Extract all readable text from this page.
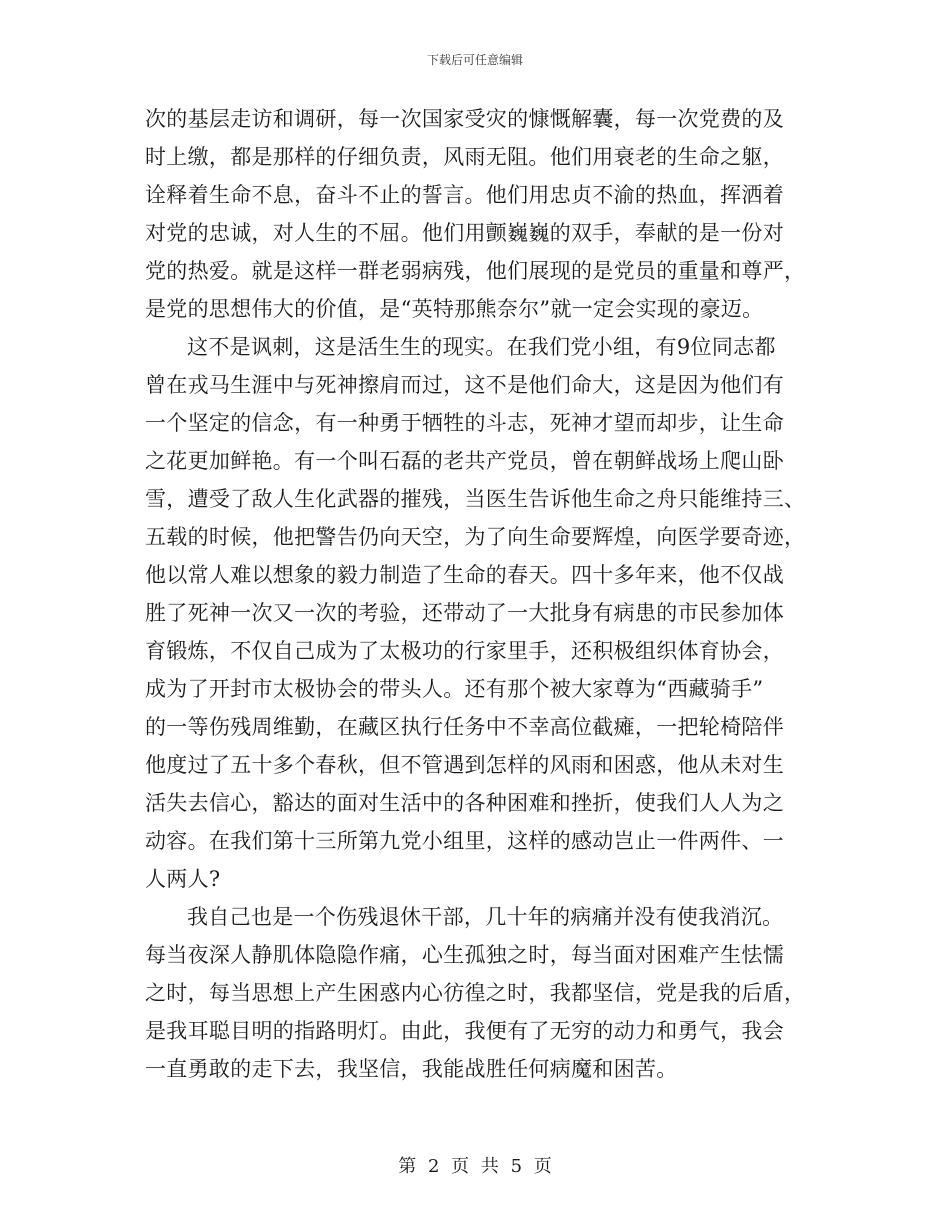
下载后可任意编辑
次的基层走访和调研，每一次国家受灾的慷慨解囊，每一次党费的及
时上缴，都是那样的仔细负责，风雨无阻。他们用衰老的生命之躯，
诠释着生命不息，奋斗不止的誓言。他们用忠贞不渝的热血，挥洒着
对党的忠诚，对人生的不屈。他们用颤巍巍的双手，奉献的是一份对
党的热爱。就是这样一群老弱病残，他们展现的是党员的重量和尊严，
是党的思想伟大的价值，是“英特那熊奈尔”就一定会实现的豪迈。
这不是讽刺，这是活生生的现实。在我们党小组，有9位同志都
曾在戎马生涯中与死神擦肩而过，这不是他们命大，这是因为他们有
一个坚定的信念，有一种勇于牺牲的斗志，死神才望而却步，让生命
之花更加鲜艳。有一个叫石磊的老共产党员，曾在朝鲜战场上爬山卧
雪，遭受了敌人生化武器的摧残，当医生告诉他生命之舟只能维持三、
五载的时候，他把警告仍向天空，为了向生命要辉煌，向医学要奇迹，
他以常人难以想象的毅力制造了生命的春天。四十多年来，他不仅战
胜了死神一次又一次的考验，还带动了一大批身有病患的市民参加体
育锻炼，不仅自己成为了太极功的行家里手，还积极组织体育协会，
成为了开封市太极协会的带头人。还有那个被大家尊为“西藏骑手”
的一等伤残周维勤，在藏区执行任务中不幸高位截瘫，一把轮椅陪伴
他度过了五十多个春秋，但不管遇到怎样的风雨和困惑，他从未对生
活失去信心，豁达的面对生活中的各种困难和挫折，使我们人人为之
动容。在我们第十三所第九党小组里，这样的感动岂止一件两件、一
人两人?
我自己也是一个伤残退休干部，几十年的病痛并没有使我消沉。
每当夜深人静肌体隐隐作痛，心生孤独之时，每当面对困难产生怯懦
之时，每当思想上产生困惑内心彷徨之时，我都坚信，党是我的后盾，
是我耳聪目明的指路明灯。由此，我便有了无穷的动力和勇气，我会
一直勇敢的走下去，我坚信，我能战胜任何病魔和困苦。
第 2 页 共 5 页
